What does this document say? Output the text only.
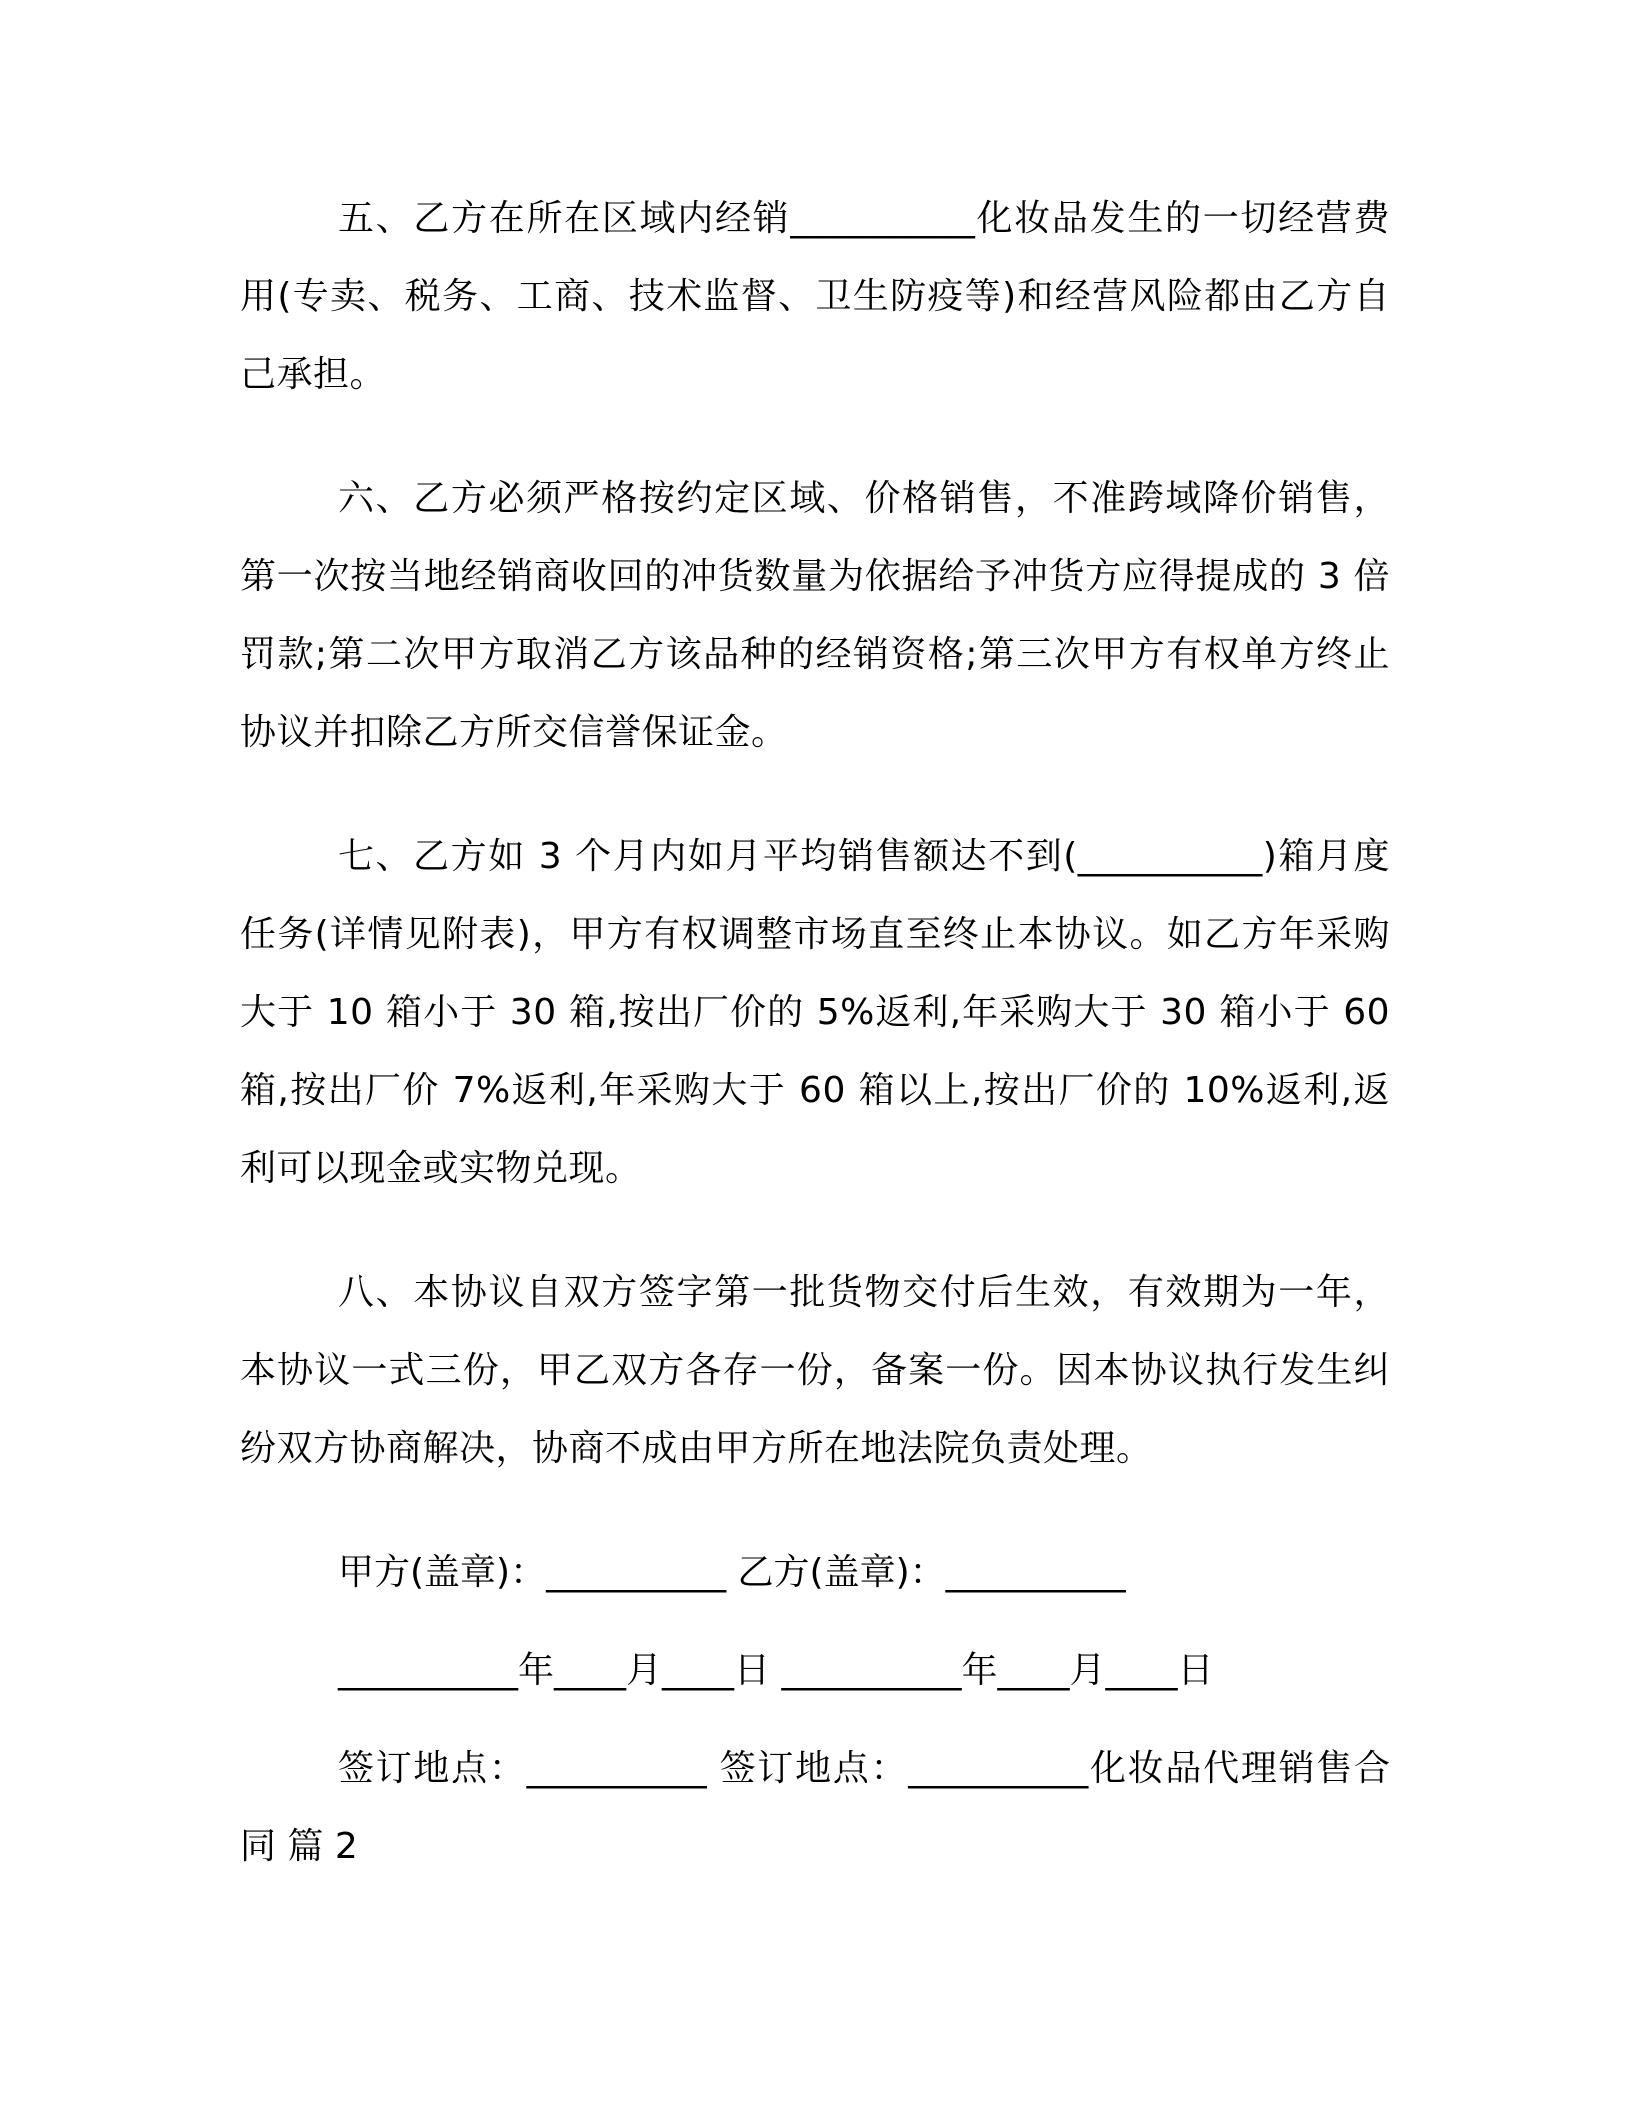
五、乙方在所在区域内经销__________化妆品发生的一切经营费用(专卖、税务、工商、技术监督、卫生防疫等)和经营风险都由乙方自己承担。

六、乙方必须严格按约定区域、价格销售，不准跨域降价销售，第一次按当地经销商收回的冲货数量为依据给予冲货方应得提成的 3 倍罚款;第二次甲方取消乙方该品种的经销资格;第三次甲方有权单方终止协议并扣除乙方所交信誉保证金。

七、乙方如 3 个月内如月平均销售额达不到(__________)箱月度任务(详情见附表)，甲方有权调整市场直至终止本协议。如乙方年采购大于 10 箱小于 30 箱,按出厂价的 5%返利,年采购大于 30 箱小于 60 箱,按出厂价 7%返利,年采购大于 60 箱以上,按出厂价的 10%返利,返利可以现金或实物兑现。

八、本协议自双方签字第一批货物交付后生效，有效期为一年，本协议一式三份，甲乙双方各存一份，备案一份。因本协议执行发生纠纷双方协商解决，协商不成由甲方所在地法院负责处理。

甲方(盖章)：__________ 乙方(盖章)：__________

__________年____月____日 __________年____月____日

签订地点：__________ 签订地点：__________化妆品代理销售合同 篇 2
